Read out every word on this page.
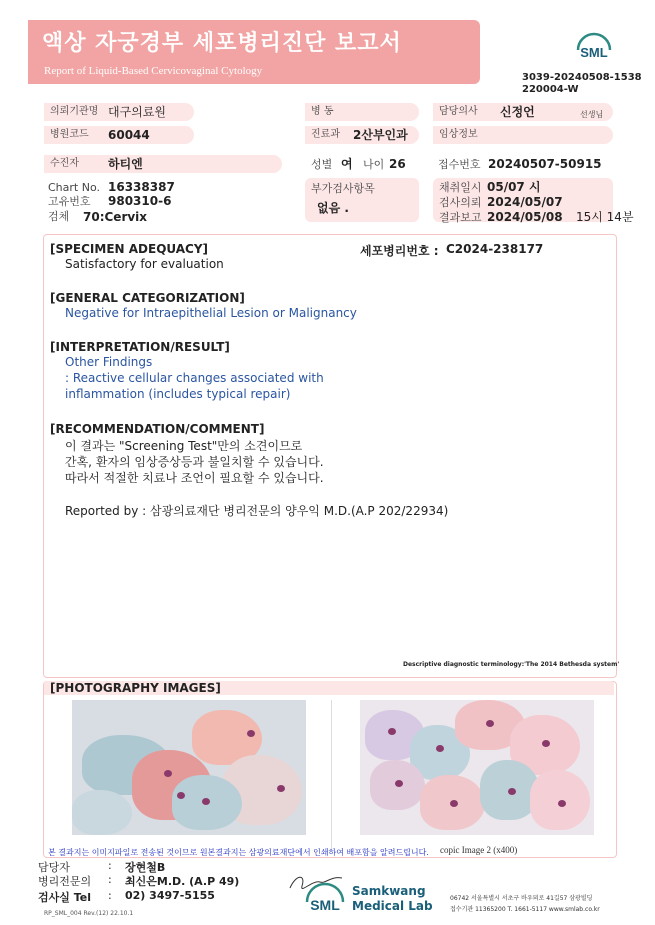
액상 자궁경부 세포병리진단 보고서
Report of Liquid-Based Cervicovaginal Cytology
SML
3039-20240508-1538
220004-W
의뢰기관명 대구의료원	병 동	담당의사	신정언	선생님
병원코드	60044	진료과	2산부인과	임상정보
수진자	하티엔	성별 여 나이 26	접수번호 20240507-50915
Chart No. 16338387
고유번호 980310-6
검체 70:Cervix
부가검사항목
없음 .
채취일시 05/07 시
검사의뢰 2024/05/07
결과보고 2024/05/08 15시 14분
[SPECIMEN ADEQUACY]	세포병리번호 : C2024-238177
Satisfactory for evaluation
[GENERAL CATEGORIZATION]
Negative for Intraepithelial Lesion or Malignancy
[INTERPRETATION/RESULT]
Other Findings
: Reactive cellular changes associated with
inflammation (includes typical repair)
[RECOMMENDATION/COMMENT]
이 결과는 "Screening Test"만의 소견이므로
간혹, 환자의 임상증상등과 불일치할 수 있습니다.
따라서 적절한 치료나 조언이 필요할 수 있습니다.
Reported by : 삼광의료재단 병리전문의 양우익 M.D.(A.P 202/22934)
Descriptive diagnostic terminology:'The 2014 Bethesda system'
[PHOTOGRAPHY IMAGES]
copic Image 2 (x400)
본 결과지는 이미지파일로 전송된 것이므로 원본결과지는 삼광의료재단에서 인쇄하여 배포함을 알려드립니다.
담당자	: 장현철B
병리전문의 : 최신은M.D. (A.P 49)
검사실 Tel : 02) 3497-5155
RP_SML_004 Rev.(12) 22.10.1
SML
Samkwang
Medical Lab
06742 서울특별시 서초구 바우뫼로 41길57 삼광빌딩
접수기관 11365200 T. 1661-5117 www.smlab.co.kr
